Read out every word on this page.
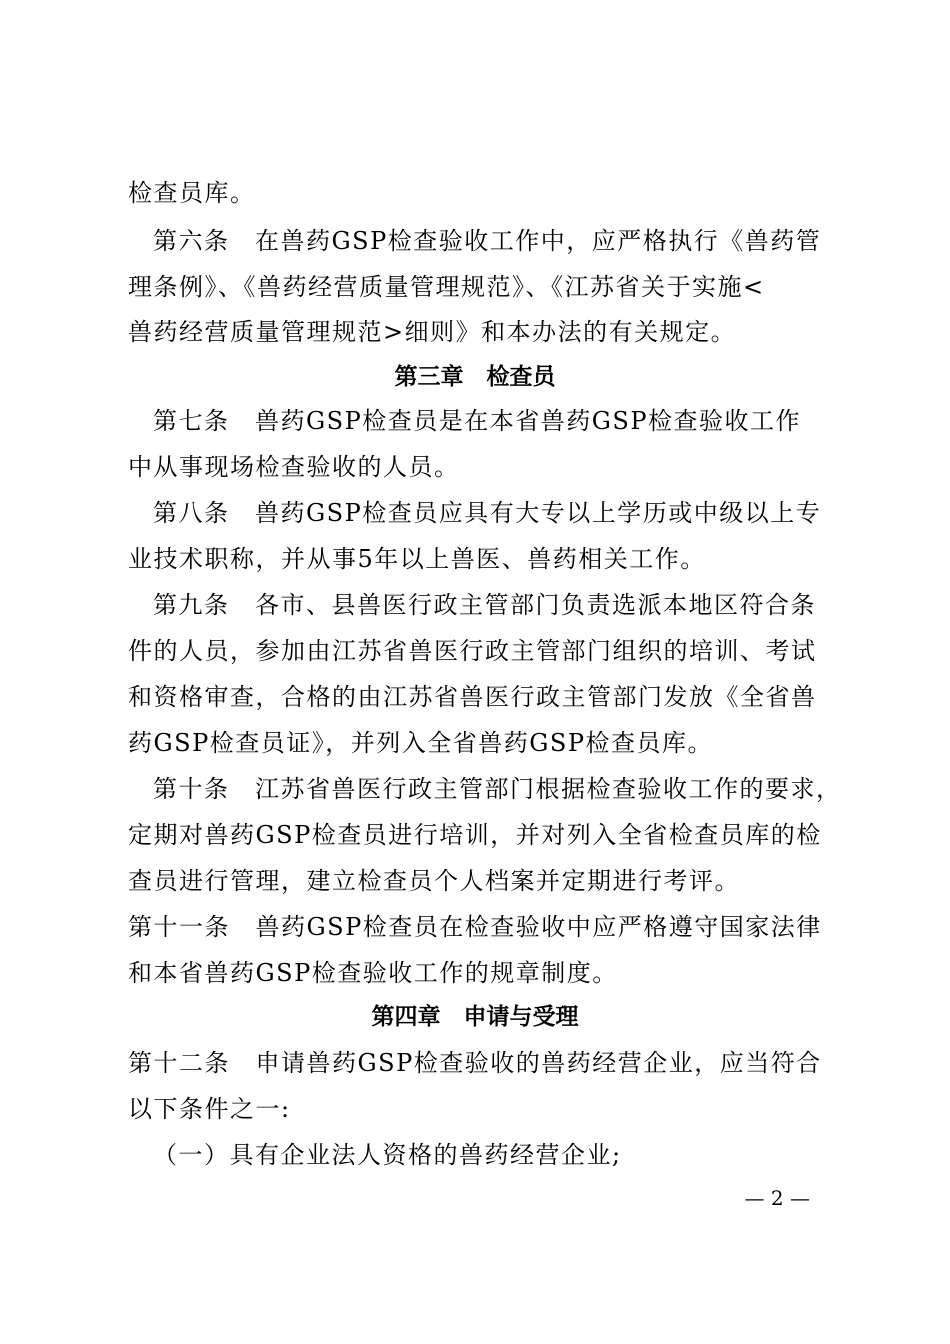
检查员库。
第六条　在兽药GSP检查验收工作中，应严格执行《兽药管
理条例》、《兽药经营质量管理规范》、《江苏省关于实施<
兽药经营质量管理规范>细则》和本办法的有关规定。
第三章　检查员
第七条　兽药GSP检查员是在本省兽药GSP检查验收工作
中从事现场检查验收的人员。
第八条　兽药GSP检查员应具有大专以上学历或中级以上专
业技术职称，并从事5年以上兽医、兽药相关工作。
第九条　各市、县兽医行政主管部门负责选派本地区符合条
件的人员，参加由江苏省兽医行政主管部门组织的培训、考试
和资格审查，合格的由江苏省兽医行政主管部门发放《全省兽
药GSP检查员证》，并列入全省兽药GSP检查员库。
第十条　江苏省兽医行政主管部门根据检查验收工作的要求，
定期对兽药GSP检查员进行培训，并对列入全省检查员库的检
查员进行管理，建立检查员个人档案并定期进行考评。
第十一条　兽药GSP检查员在检查验收中应严格遵守国家法律
和本省兽药GSP检查验收工作的规章制度。
第四章　申请与受理
第十二条　申请兽药GSP检查验收的兽药经营企业，应当符合
以下条件之一:
（一）具有企业法人资格的兽药经营企业;
— 2 —
